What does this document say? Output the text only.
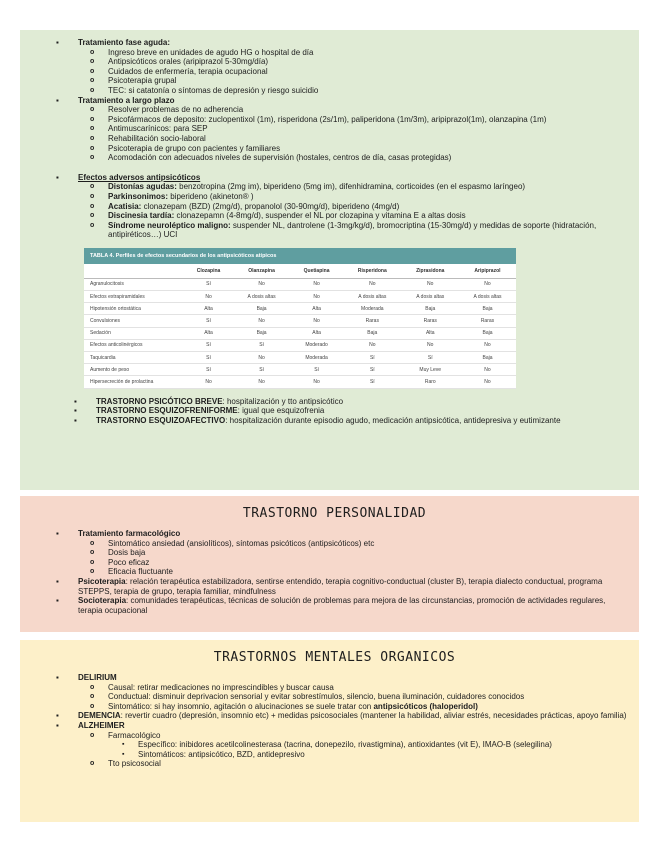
▪ Tratamiento fase aguda:
o Ingreso breve en unidades de agudo HG o hospital de día
o Antipsicóticos orales (aripiprazol 5-30mg/día)
o Cuidados de enfermería, terapia ocupacional
o Psicoterapia grupal
o TEC: si catatonía o síntomas de depresión y riesgo suicidio
▪ Tratamiento a largo plazo
o Resolver problemas de no adherencia
o Psicofármacos de deposito: zuclopentixol (1m), risperidona (2s/1m), paliperidona (1m/3m), aripiprazol(1m), olanzapina (1m)
o Antimuscarínicos: para SEP
o Rehabilitación socio-laboral
o Psicoterapia de grupo con pacientes y familiares
o Acomodación con adecuados niveles de supervisión (hostales, centros de día, casas protegidas)
▪ Efectos adversos antipsicóticos
o Distonías agudas: benzotropina (2mg im), biperideno (5mg im), difenhidramina, corticoides (en el espasmo laríngeo)
o Parkinsonimos: biperideno (akineton® )
o Acatisia: clonazepam (BZD) (2mg/d), propanolol (30-90mg/d), biperideno (4mg/d)
o Discinesia tardía: clonazepamn (4-8mg/d), suspender el NL por clozapina y vitamina E a altas dosis
o Síndrome neuroléptico maligno: suspender NL, dantrolene (1-3mg/kg/d), bromocriptina (15-30mg/d) y medidas de soporte (hidratación, antipiréticos…) UCI
TABLA 4. Perfiles de efectos secundarios de los antipsicóticos atípicos
	Clozapina	Olanzapina	Quetiapina	Risperidona	Ziprasidona	Aripiprazol
Agranulocitosis	Sí	No	No	No	No	No
Efectos extrapiramidales	No	A dosis altas	No	A dosis altas	A dosis altas	A dosis altas
Hipotensión ortostática	Alta	Baja	Alta	Moderada	Baja	Baja
Convulsiones	Sí	No	No	Raras	Raras	Raras
Sedación	Alta	Baja	Alta	Baja	Alta	Baja
Efectos anticolinérgicos	Sí	Sí	Moderado	No	No	No
Taquicardia	Sí	No	Moderada	Sí	Sí	Baja
Aumento de peso	Sí	Sí	Sí	Sí	Muy Leve	No
Hipersecreción de prolactina	No	No	No	Sí	Raro	No
▪ TRASTORNO PSICÓTICO BREVE: hospitalización y tto antipsicótico
▪ TRASTORNO ESQUIZOFRENIFORME: igual que esquizofrenia
▪ TRASTORNO ESQUIZOAFECTIVO: hospitalización durante episodio agudo, medicación antipsicótica, antidepresiva y eutimizante
TRASTORNO PERSONALIDAD
▪ Tratamiento farmacológico
o Sintomático ansiedad (ansiolíticos), síntomas psicóticos (antipsicóticos) etc
o Dosis baja
o Poco eficaz
o Eficacia fluctuante
▪ Psicoterapia: relación terapéutica estabilizadora, sentirse entendido, terapia cognitivo-conductual (cluster B), terapia dialecto conductual, programa STEPPS, terapia de grupo, terapia familiar, mindfulness
▪ Socioterapia: comunidades terapéuticas, técnicas de solución de problemas para mejora de las circunstancias, promoción de actividades regulares, terapia ocupacional
TRASTORNOS MENTALES ORGANICOS
▪ DELIRIUM
o Causal: retirar medicaciones no imprescindibles y buscar causa
o Conductual: disminuir deprivacion sensorial y evitar sobrestímulos, silencio, buena iluminación, cuidadores conocidos
o Sintomático: si hay insomnio, agitación o alucinaciones se suele tratar con antipsicóticos (haloperidol)
▪ DEMENCIA: revertir cuadro (depresión, insomnio etc) + medidas psicosociales (mantener la habilidad, aliviar estrés, necesidades prácticas, apoyo familia)
▪ ALZHEIMER
o Farmacológico
▪ Específico: inibidores acetilcolinesterasa (tacrina, donepezilo, rivastigmina), antioxidantes (vit E), IMAO-B (selegilina)
▪ Sintomáticos: antipsicótico, BZD, antidepresivo
o Tto psicosocial
